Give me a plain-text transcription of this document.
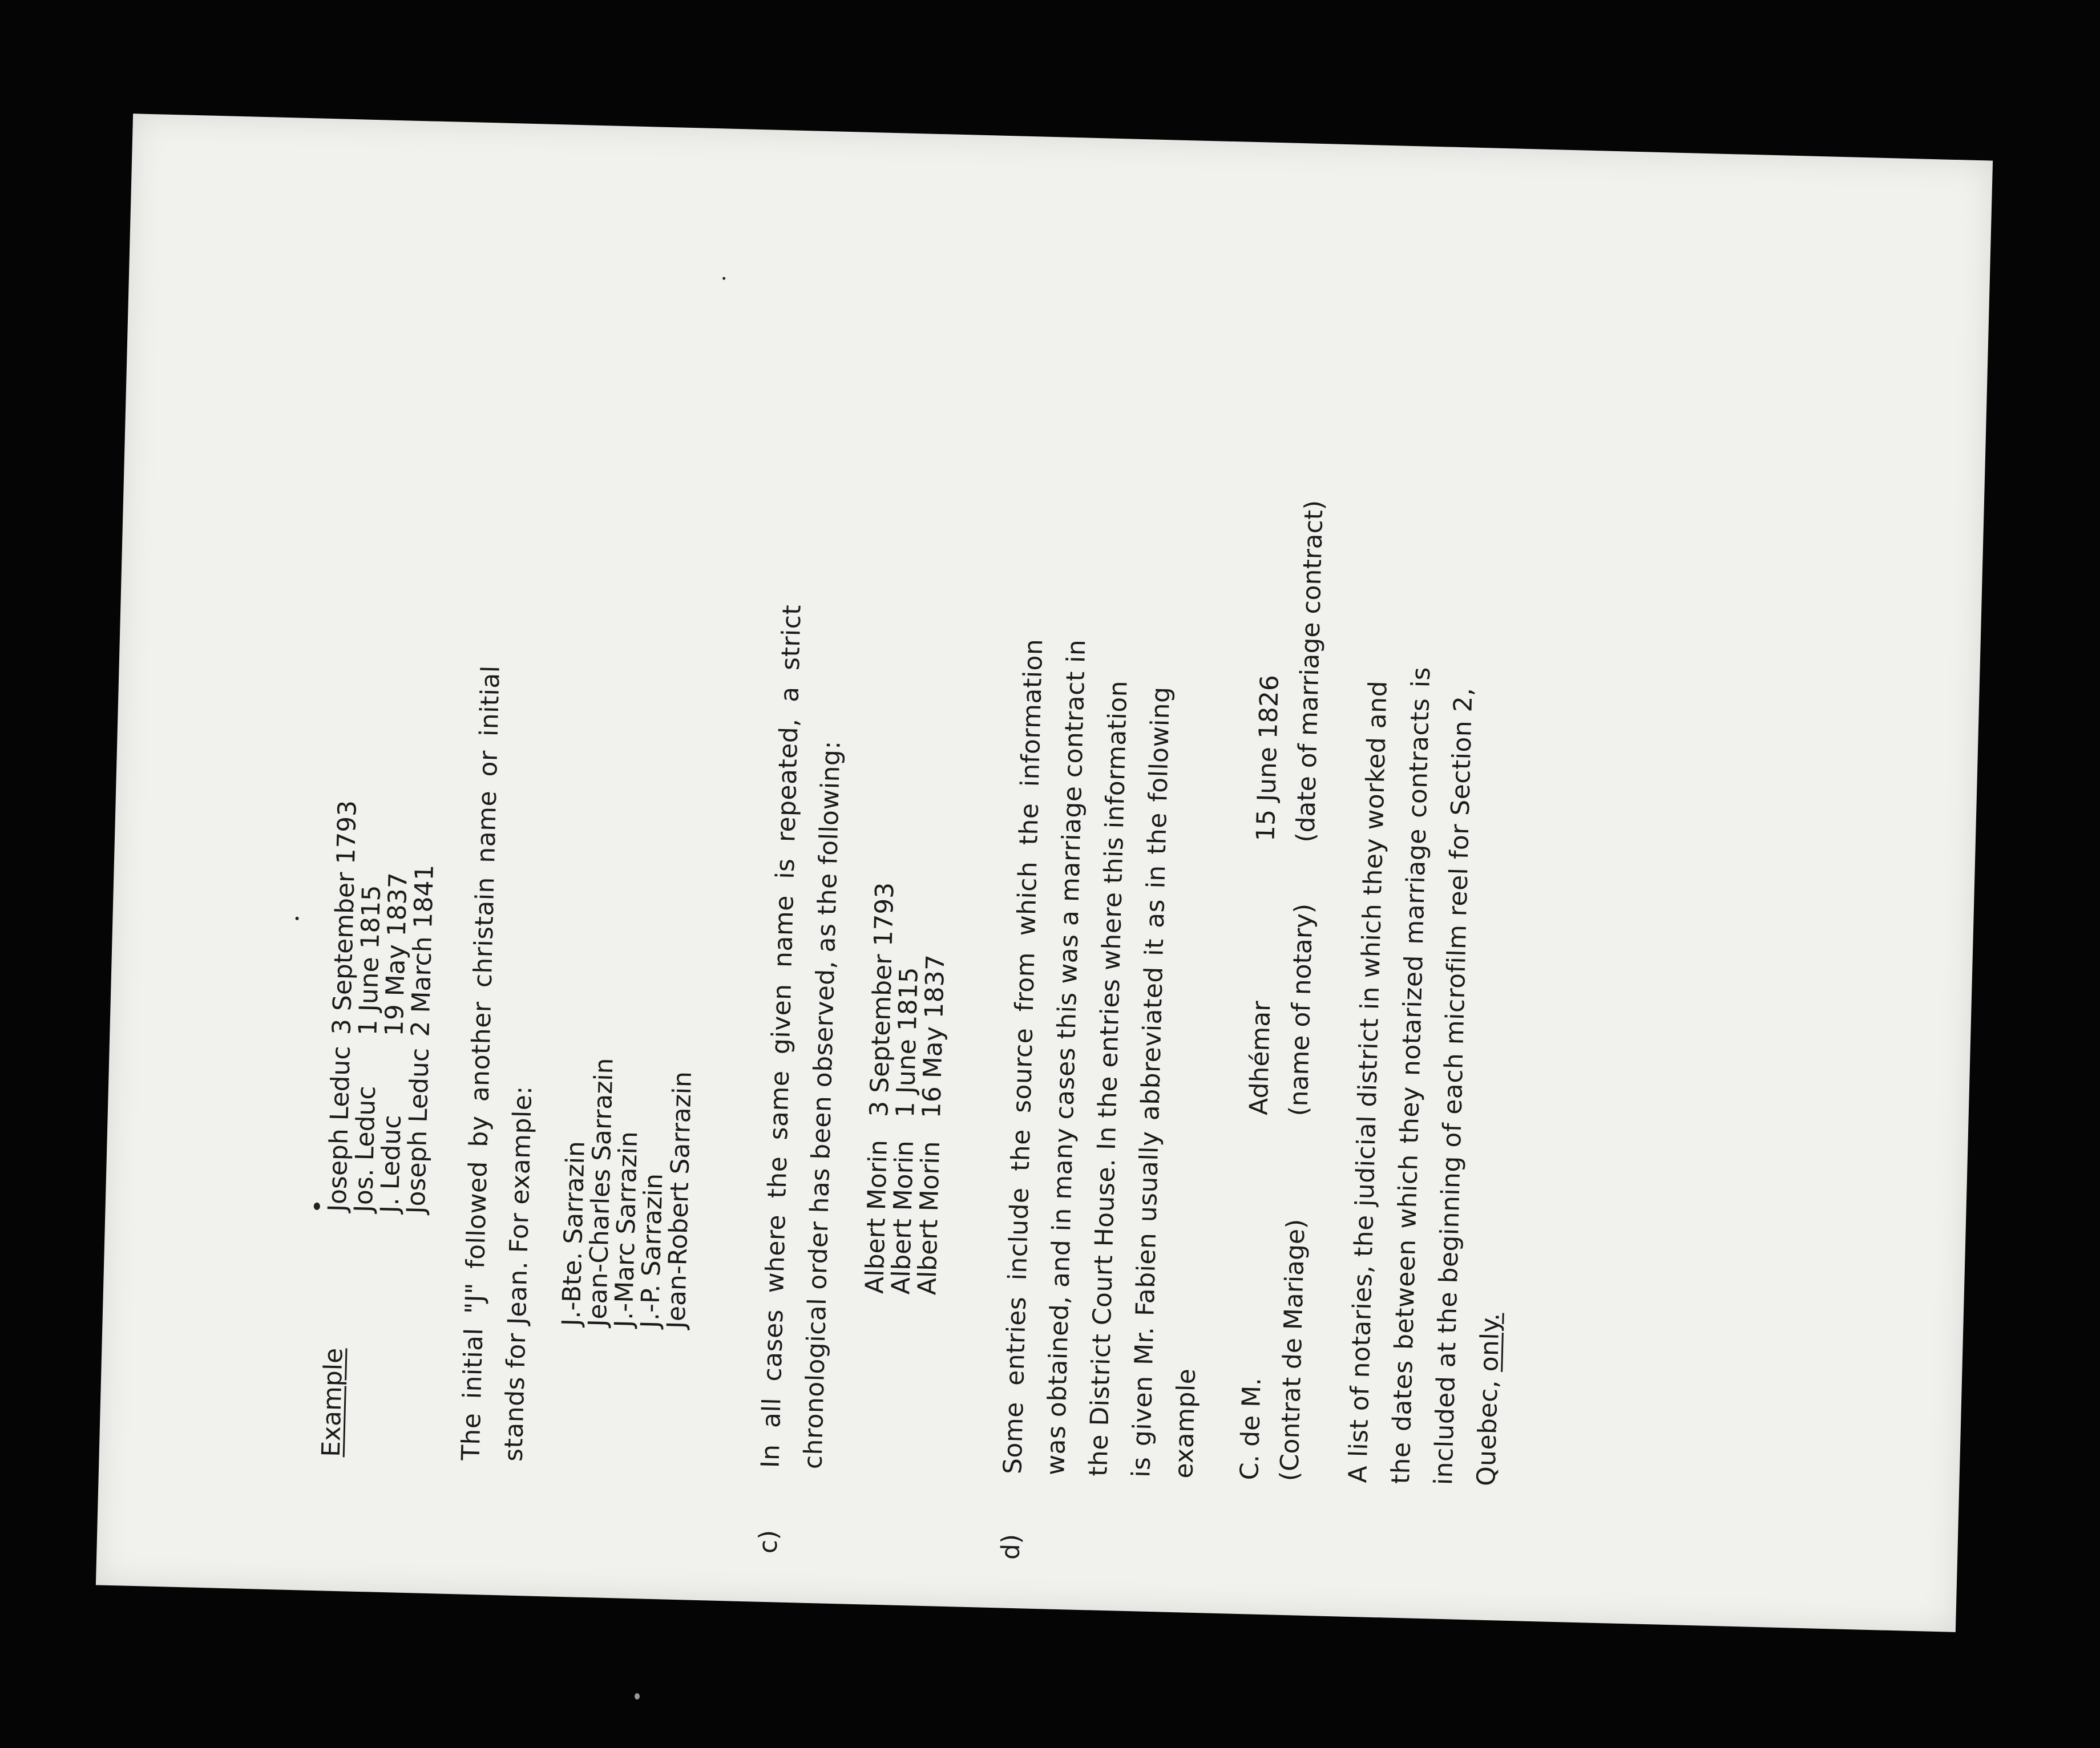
Example
Joseph Leduc
3 September 1793
Jos. Leduc
1 June 1815
J. Leduc
19 May 1837
Joseph Leduc
2 March 1841 The initial "J" followed by another christain name or initial
stands for Jean. For example: J.-Bte. Sarrazin
Jean-Charles Sarrazin
J.-Marc Sarrazin
J.-P. Sarrazin
Jean-Robert Sarrazin
c)
In all cases where the same given name is repeated, a strict
chronological order has been observed, as the following: Albert Morin
3 September 1793
Albert Morin
1 June 1815
Albert Morin
16 May 1837
d)
Some entries include the source from which the information
was obtained, and in many cases this was a marriage contract in
the District Court House. In the entries where this information
is given Mr. Fabien usually abbreviated it as in the following
example C. de M.
Adhémar
15 June 1826
(Contrat de Mariage)
(name of notary)
(date of marriage contract)
A list of notaries, the judicial district in which they worked and
the dates between which they notarized marriage contracts is
included at the beginning of each microfilm reel for Section 2,
Quebec, only.
